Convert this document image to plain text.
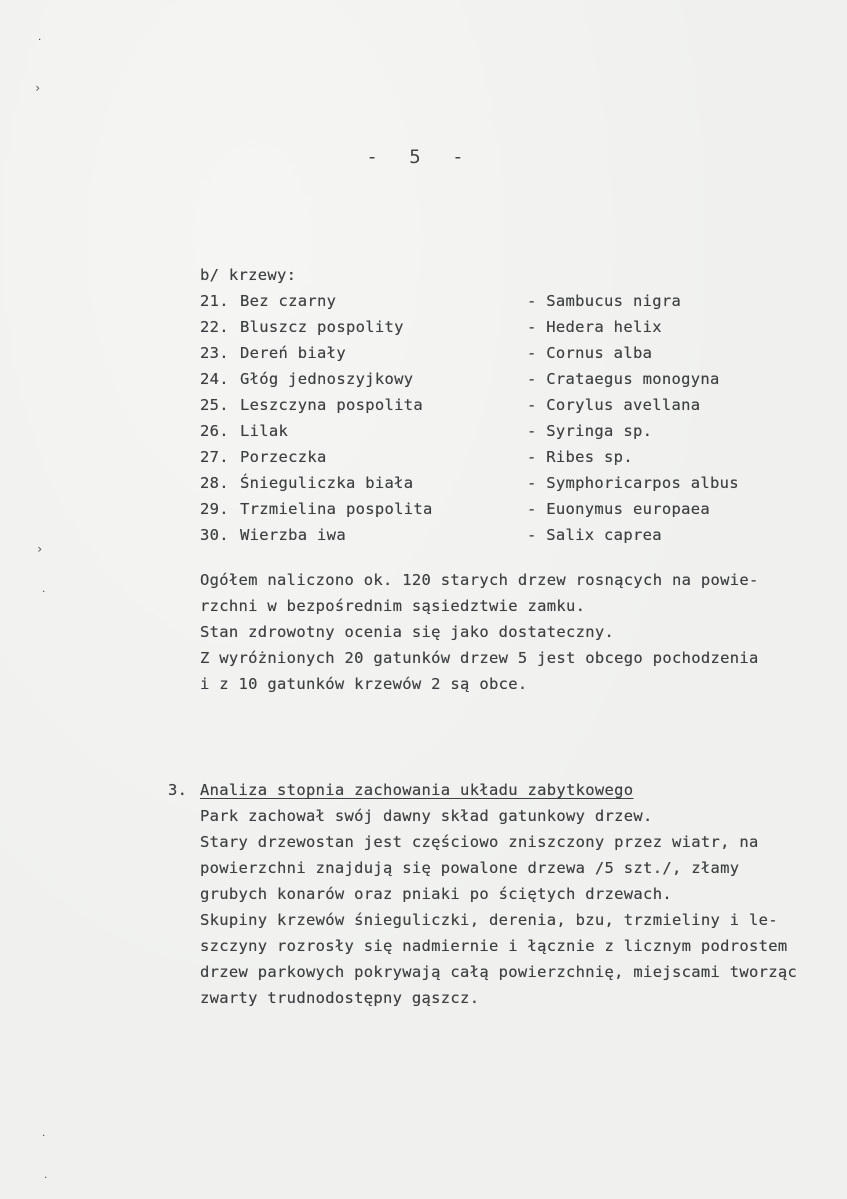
˙
›
›
˙
˙
˙
- 5 -
b/ krzewy:
21. Bez czarny	- Sambucus nigra
22. Bluszcz pospolity	- Hedera helix
23. Dereń biały	- Cornus alba
24. Głóg jednoszyjkowy	- Crataegus monogyna
25. Leszczyna pospolita	- Corylus avellana
26. Lilak	- Syringa sp.
27. Porzeczka	- Ribes sp.
28. Śnieguliczka biała	- Symphoricarpos albus
29. Trzmielina pospolita	- Euonymus europaea
30. Wierzba iwa	- Salix caprea

Ogółem naliczono ok. 120 starych drzew rosnących na powie-

rzchni w bezpośrednim sąsiedztwie zamku.

Stan zdrowotny ocenia się jako dostateczny.

Z wyróżnionych 20 gatunków drzew 5 jest obcego pochodzenia

i z 10 gatunków krzewów 2 są obce.

3. Analiza stopnia zachowania układu zabytkowego

Park zachował swój dawny skład gatunkowy drzew.

Stary drzewostan jest częściowo zniszczony przez wiatr, na

powierzchni znajdują się powalone drzewa /5 szt./, złamy

grubych konarów oraz pniaki po ściętych drzewach.

Skupiny krzewów śnieguliczki, derenia, bzu, trzmieliny i le-

szczyny rozrosły się nadmiernie i łącznie z licznym podrostem

drzew parkowych pokrywają całą powierzchnię, miejscami tworząc

zwarty trudnodostępny gąszcz.
